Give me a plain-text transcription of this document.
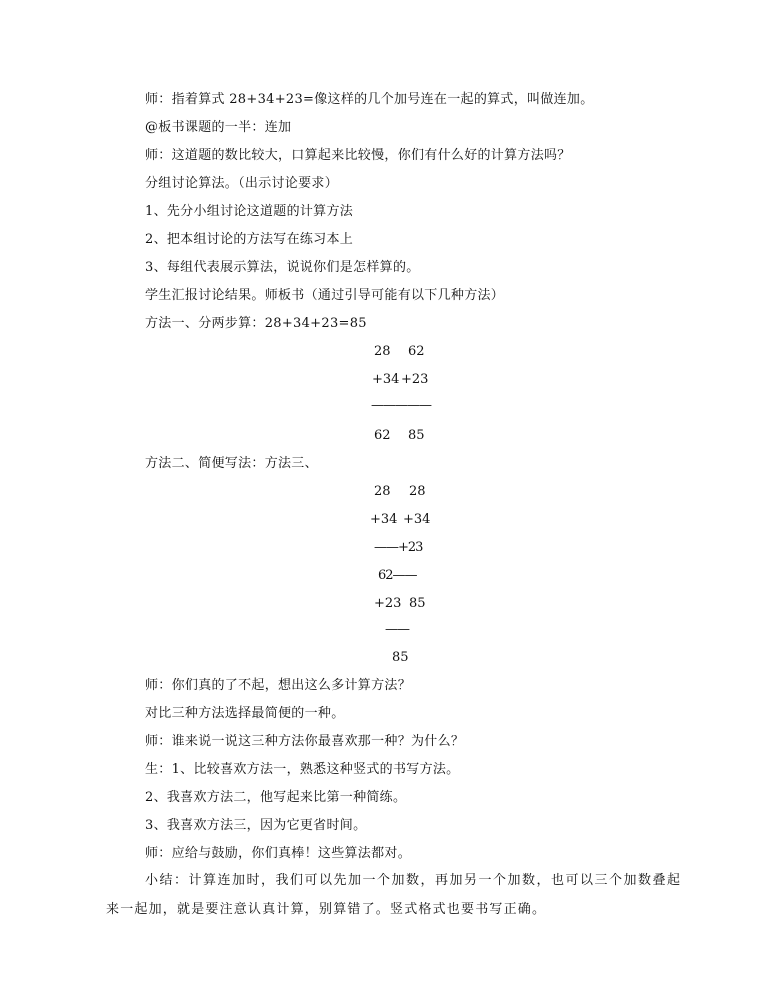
师：指着算式 28+34+23=像这样的几个加号连在一起的算式，叫做连加。
@板书课题的一半：连加
师：这道题的数比较大，口算起来比较慢，你们有什么好的计算方法吗？
分组讨论算法。（出示讨论要求）
1、先分小组讨论这道题的计算方法
2、把本组讨论的方法写在练习本上
3、每组代表展示算法，说说你们是怎样算的。
学生汇报讨论结果。师板书（通过引导可能有以下几种方法）
方法一、分两步算：28+34+23=85
28 62
+34 +23
—————
62 85
方法二、简便写法：方法三、
28 28
+34 +34
——+23
62——
+23 85
——
85
师：你们真的了不起，想出这么多计算方法？
对比三种方法选择最简便的一种。
师：谁来说一说这三种方法你最喜欢那一种？为什么？
生：1、比较喜欢方法一，熟悉这种竖式的书写方法。
2、我喜欢方法二，他写起来比第一种简练。
3、我喜欢方法三，因为它更省时间。
师：应给与鼓励，你们真棒！这些算法都对。
小结：计算连加时，我们可以先加一个加数，再加另一个加数，也可以三个加数叠起
来一起加，就是要注意认真计算，别算错了。竖式格式也要书写正确。
